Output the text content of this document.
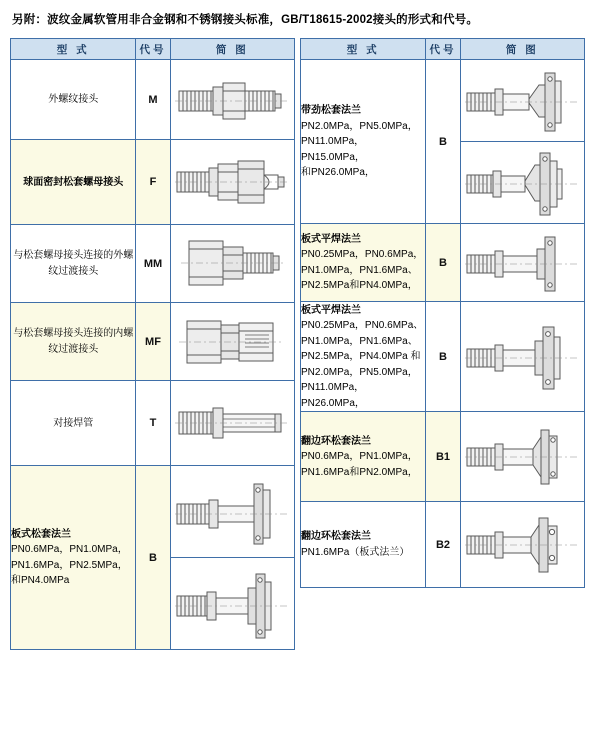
另附：波纹金属软管用非合金钢和不锈钢接头标准，GB/T18615-2002接头的形式和代号。
型 式	代号	简 图
外螺纹接头	M	

球面密封松套螺母接头	F	

与松套螺母接头连接的外螺纹过渡接头	MM	

与松套螺母接头连接的内螺纹过渡接头	MF	

对接焊管	T	

板式松套法兰
PN0.6MPa，PN1.0MPa，
PN1.6MPa，PN2.5MPa，
和PN4.0MPa	B	

型 式	代号	简 图

带劲松套法兰
PN2.0MPa，PN5.0MPa，
PN11.0MPa，PN15.0MPa，
和PN26.0MPa，	B	

板式平焊法兰
PN0.25MPa，PN0.6MPa，
PN1.0MPa，PN1.6MPa、
PN2.5MPa和PN4.0MPa，	B	

板式平焊法兰
PN0.25MPa，PN0.6MPa、
PN1.0MPa，PN1.6MPa、
PN2.5MPa，PN4.0MPa 和
PN2.0MPa，PN5.0MPa，
PN11.0MPa，PN26.0MPa，
	B	

翻边环松套法兰
PN0.6MPa，PN1.0MPa，
PN1.6MPa和PN2.0MPa，	B1	

翻边环松套法兰
PN1.6MPa（板式法兰）	B2	
